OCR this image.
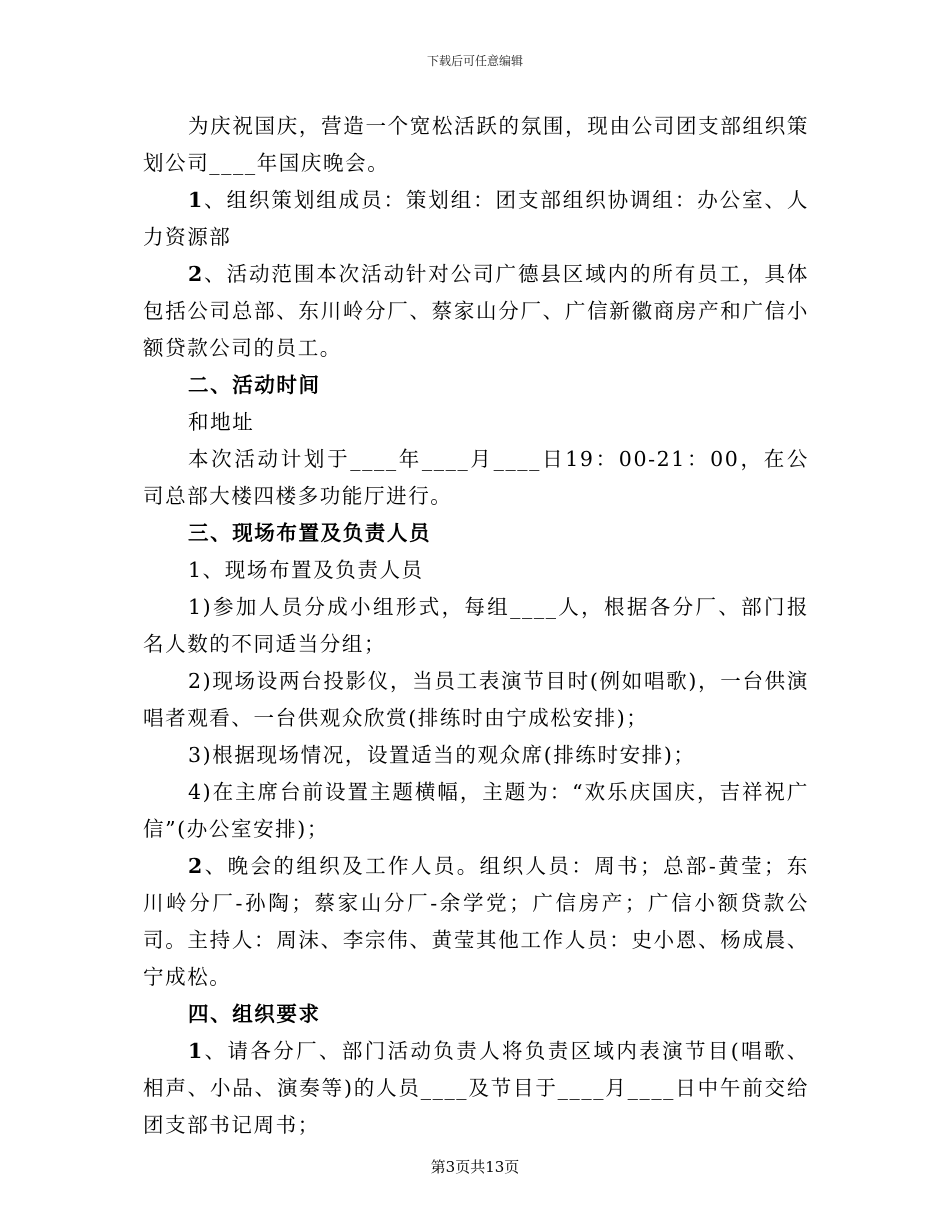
下载后可任意编辑

为庆祝国庆，营造一个宽松活跃的氛围，现由公司团支部组织策划公司____年国庆晚会。

1、组织策划组成员：策划组：团支部组织协调组：办公室、人力资源部

2、活动范围本次活动针对公司广德县区域内的所有员工，具体包括公司总部、东川岭分厂、蔡家山分厂、广信新徽商房产和广信小额贷款公司的员工。

二、活动时间

和地址

本次活动计划于____年____月____日19：00-21：00，在公司总部大楼四楼多功能厅进行。

三、现场布置及负责人员

1、现场布置及负责人员

1)参加人员分成小组形式，每组____人，根据各分厂、部门报名人数的不同适当分组；

2)现场设两台投影仪，当员工表演节目时(例如唱歌)，一台供演唱者观看、一台供观众欣赏(排练时由宁成松安排)；

3)根据现场情况，设置适当的观众席(排练时安排)；

4)在主席台前设置主题横幅，主题为：“欢乐庆国庆，吉祥祝广信”(办公室安排)；

2、晚会的组织及工作人员。组织人员：周书；总部-黄莹；东川岭分厂-孙陶；蔡家山分厂-余学党；广信房产；广信小额贷款公司。主持人：周沫、李宗伟、黄莹其他工作人员：史小恩、杨成晨、宁成松。

四、组织要求

1、请各分厂、部门活动负责人将负责区域内表演节目(唱歌、相声、小品、演奏等)的人员____及节目于____月____日中午前交给团支部书记周书；

第3页共13页
